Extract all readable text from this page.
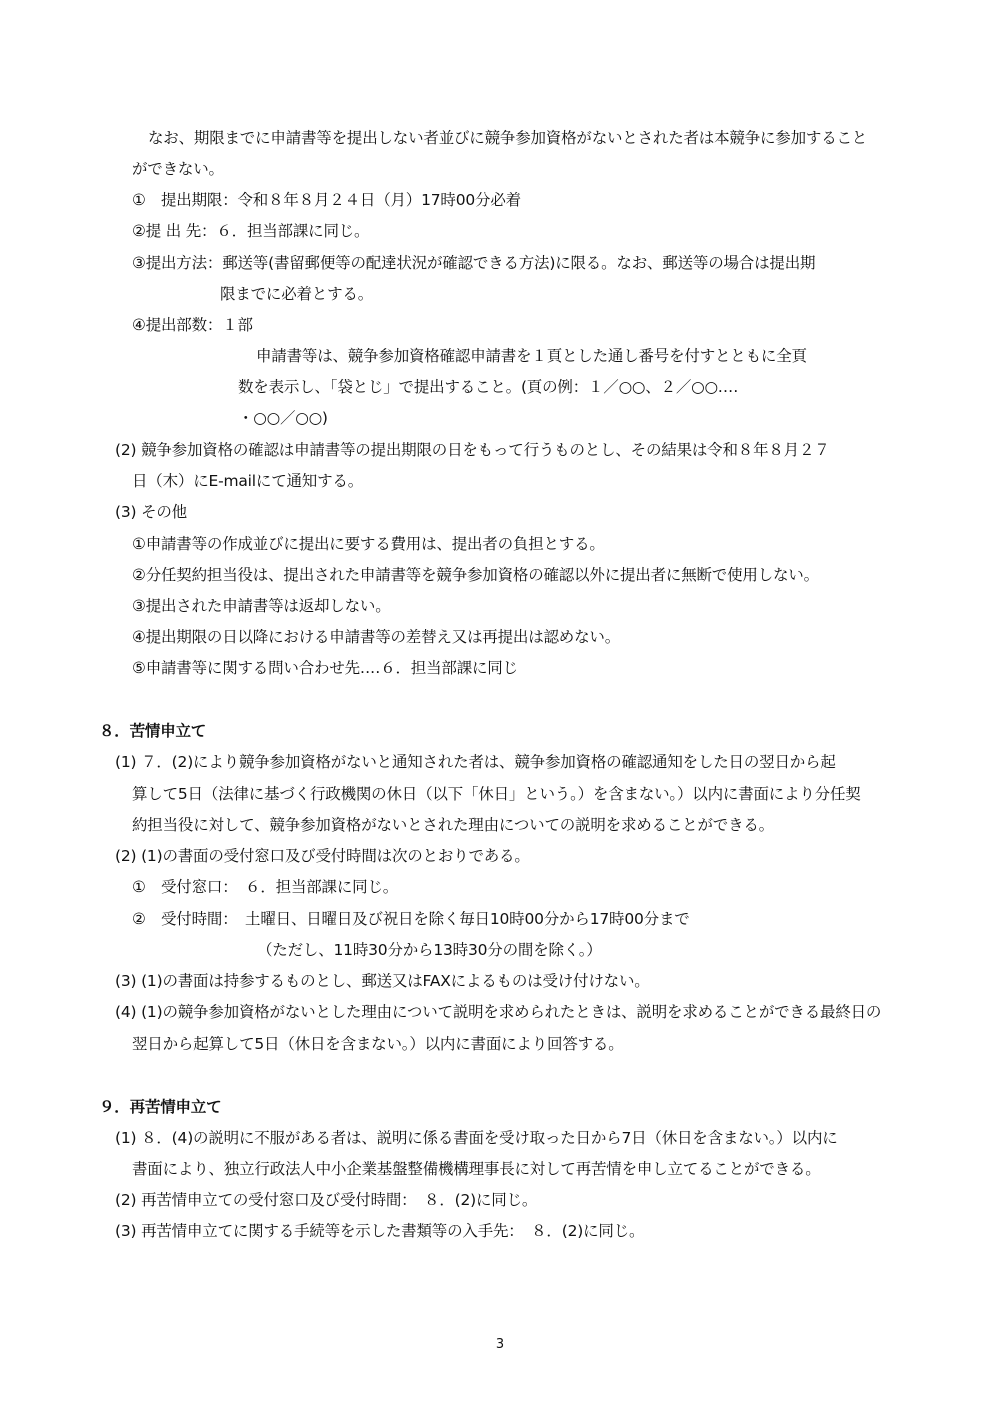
なお、期限までに申請書等を提出しない者並びに競争参加資格がないとされた者は本競争に参加すること
ができない。
①　提出期限：令和８年８月２４日（月）17時00分必着
②提 出 先：６．担当部課に同じ。
③提出方法：郵送等(書留郵便等の配達状況が確認できる方法)に限る。なお、郵送等の場合は提出期
限までに必着とする。
④提出部数：１部
申請書等は、競争参加資格確認申請書を１頁とした通し番号を付すとともに全頁
数を表示し、「袋とじ」で提出すること。(頁の例：１／○○、２／○○‥‥
・○○／○○)
(2) 競争参加資格の確認は申請書等の提出期限の日をもって行うものとし、その結果は令和８年８月２７
日（木）にE-mailにて通知する。
(3) その他
①申請書等の作成並びに提出に要する費用は、提出者の負担とする。
②分任契約担当役は、提出された申請書等を競争参加資格の確認以外に提出者に無断で使用しない。
③提出された申請書等は返却しない。
④提出期限の日以降における申請書等の差替え又は再提出は認めない。
⑤申請書等に関する問い合わせ先‥‥６．担当部課に同じ
８．苦情申立て
(1) ７．(2)により競争参加資格がないと通知された者は、競争参加資格の確認通知をした日の翌日から起
算して5日（法律に基づく行政機関の休日（以下「休日」という。）を含まない。）以内に書面により分任契
約担当役に対して、競争参加資格がないとされた理由についての説明を求めることができる。
(2) (1)の書面の受付窓口及び受付時間は次のとおりである。
①　受付窓口：　６．担当部課に同じ。
②　受付時間：　土曜日、日曜日及び祝日を除く毎日10時00分から17時00分まで
（ただし、11時30分から13時30分の間を除く。）
(3) (1)の書面は持参するものとし、郵送又はFAXによるものは受け付けない。
(4) (1)の競争参加資格がないとした理由について説明を求められたときは、説明を求めることができる最終日の
翌日から起算して5日（休日を含まない。）以内に書面により回答する。
９．再苦情申立て
(1) ８．(4)の説明に不服がある者は、説明に係る書面を受け取った日から7日（休日を含まない。）以内に
書面により、独立行政法人中小企業基盤整備機構理事長に対して再苦情を申し立てることができる。
(2) 再苦情申立ての受付窓口及び受付時間：　８．(2)に同じ。
(3) 再苦情申立てに関する手続等を示した書類等の入手先：　８．(2)に同じ。
3
